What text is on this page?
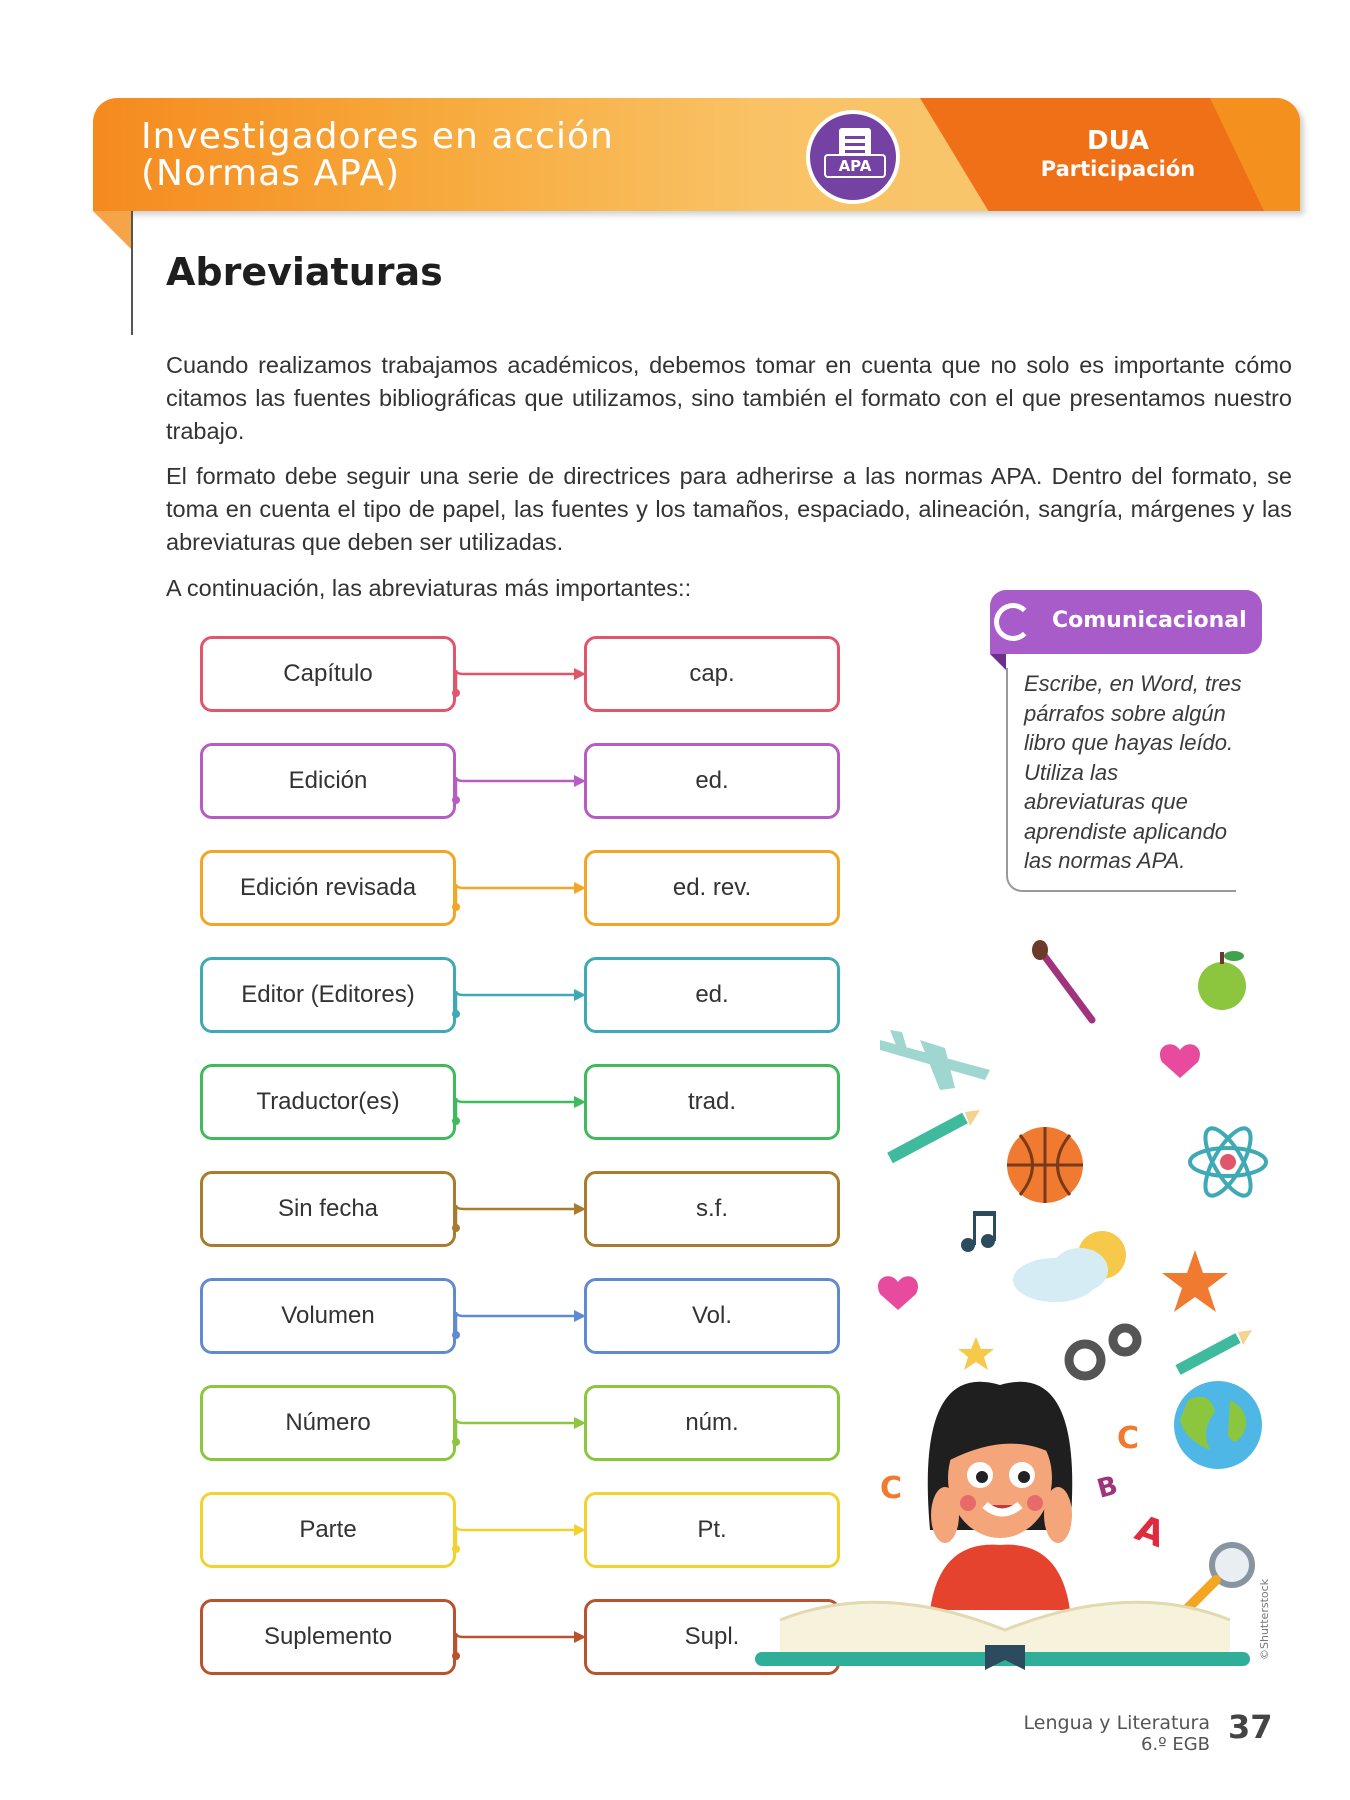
Investigadores en acción
(Normas APA)	APA
DUA
Participación
Abreviaturas

Cuando realizamos trabajamos académicos, debemos tomar en cuenta que no solo es importante cómo citamos las fuentes bibliográficas que utilizamos, sino también el formato con el que presentamos nuestro trabajo.

El formato debe seguir una serie de directrices para adherirse a las normas APA. Dentro del formato, se toma en cuenta el tipo de papel, las fuentes y los tamaños, espaciado, alineación, sangría, márgenes y las abreviaturas que deben ser utilizadas.

A continuación, las abreviaturas más importantes::

Capítulo	cap.
Edición	ed.
Edición revisada	ed. rev.
Editor (Editores)	ed.
Traductor(es)	trad.
Sin fecha	s.f.
Volumen	Vol.
Número	núm.
Parte	Pt.
Suplemento	Supl.
Comunicacional

Escribe, en Word, tres párrafos sobre algún libro que hayas leído. Utiliza las abreviaturas que aprendiste aplicando las normas APA.

C
B
A
C
©Shutterstock
Lengua y Literatura
6.º EGB 37
